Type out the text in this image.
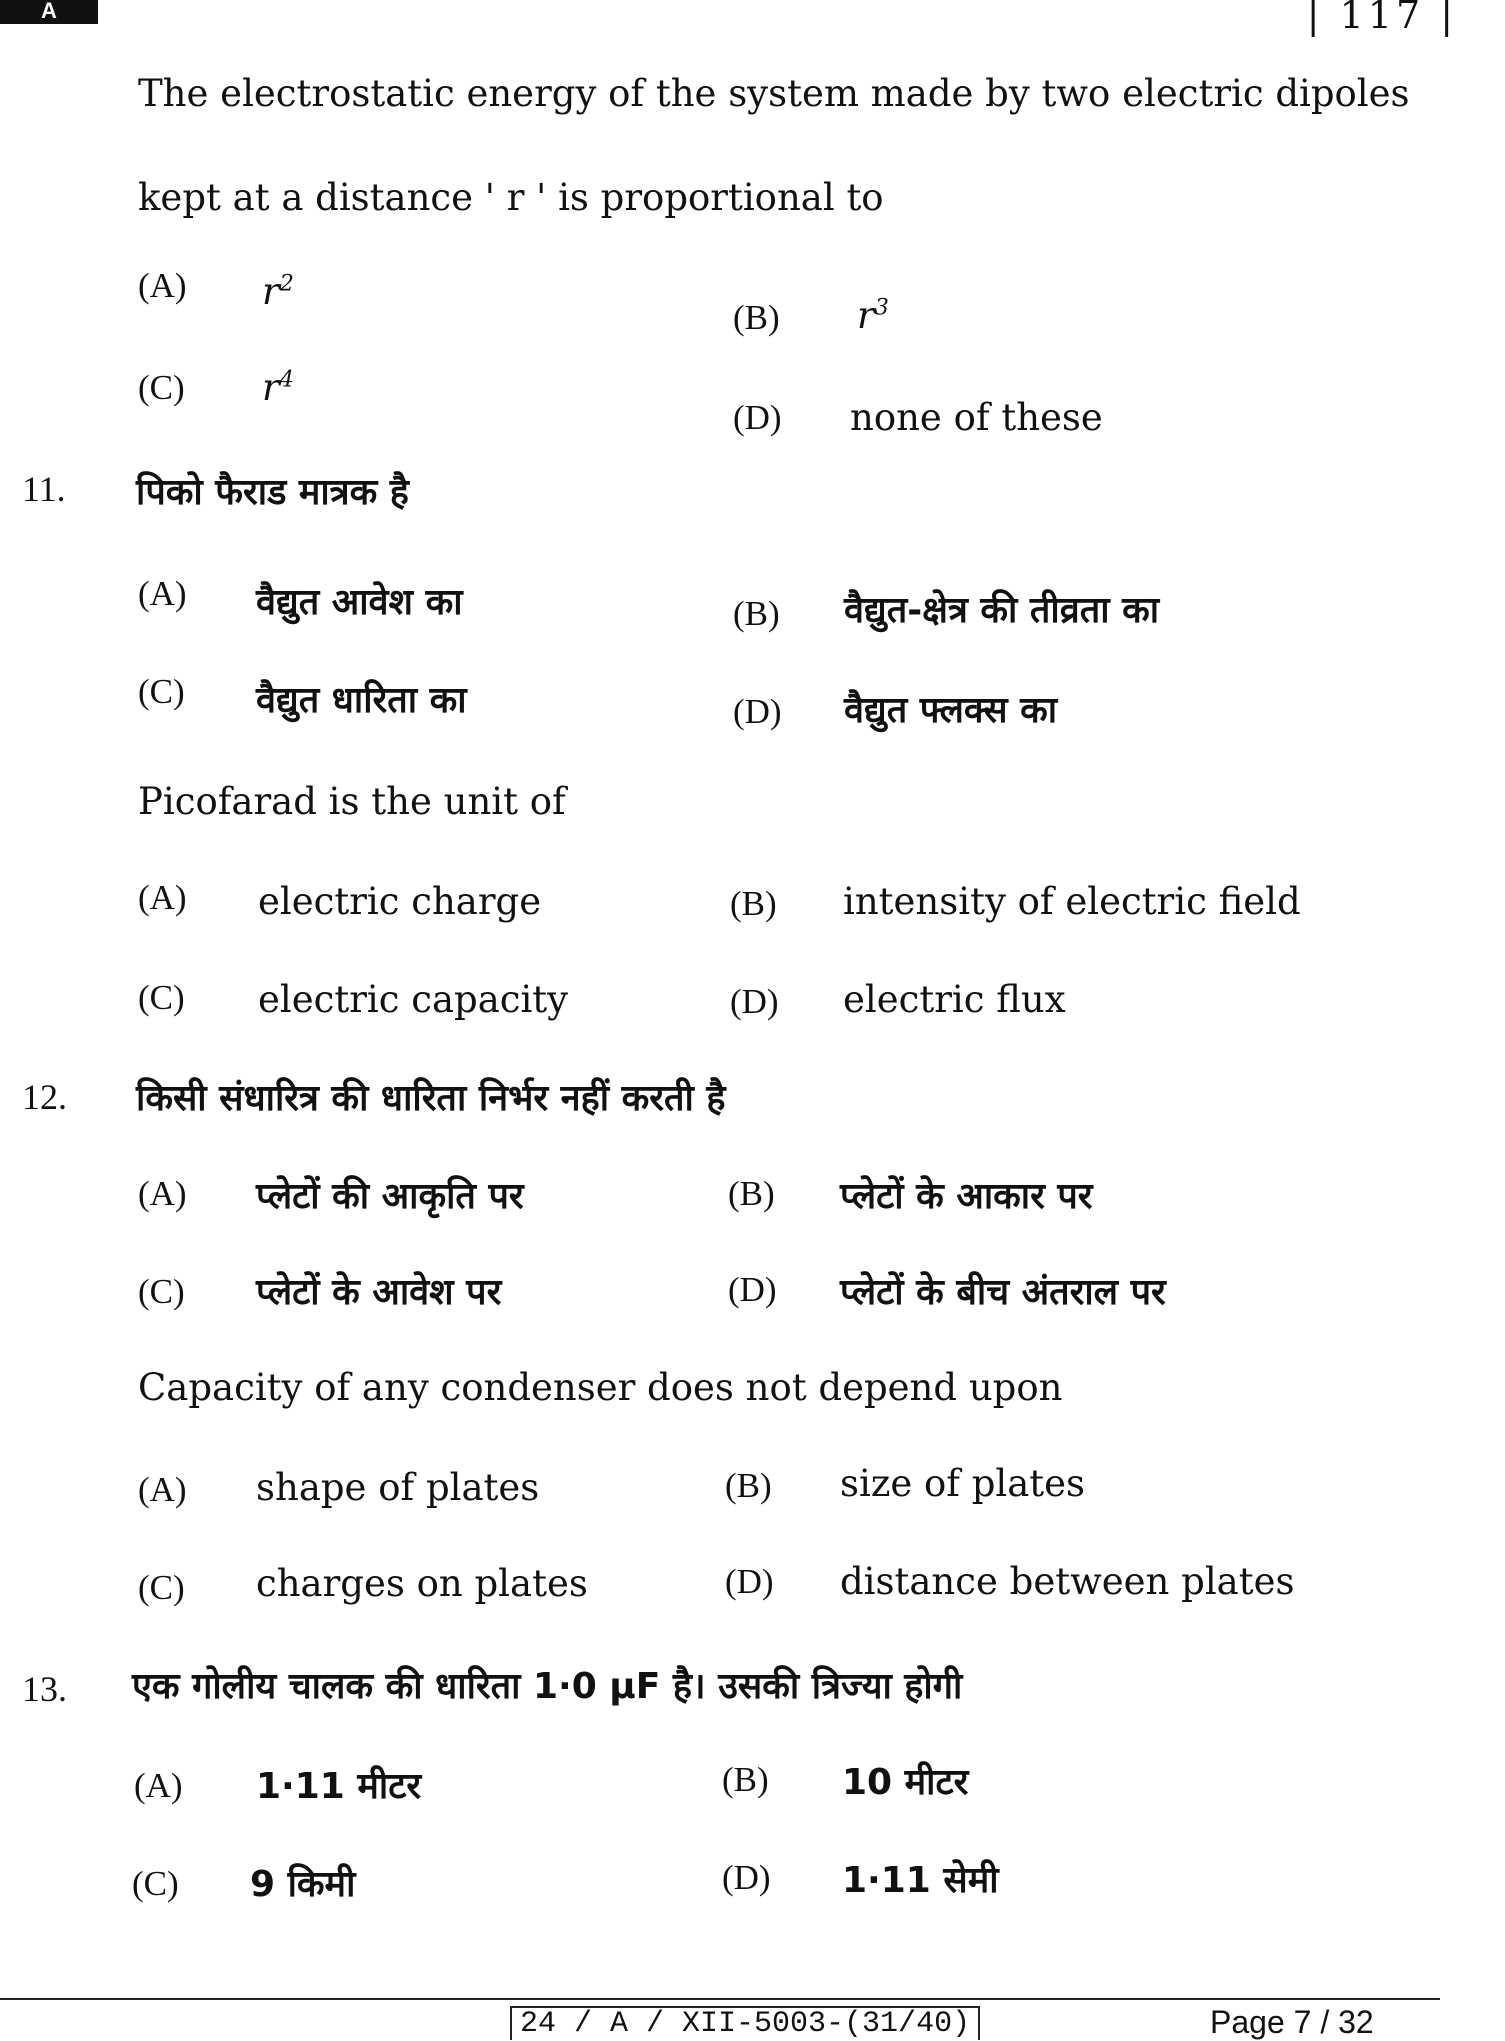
A	| 117 |
The electrostatic energy of the system made by two electric dipoles
kept at a distance ' r ' is proportional to
(A) $r^2$
(B) $r^3$
(C) $r^4$
(D) none of these
11. पिको फैराड मात्रक है
(A) वैद्युत आवेश का	(B) वैद्युत-क्षेत्र की तीव्रता का
(C) वैद्युत धारिता का	(D) वैद्युत फ्लक्स का
Picofarad is the unit of
(A) electric charge	(B) intensity of electric field
(C) electric capacity	(D) electric flux
12. किसी संधारित्र की धारिता निर्भर नहीं करती है
(A) प्लेटों की आकृति पर	(B) प्लेटों के आकार पर
(C) प्लेटों के आवेश पर	(D) प्लेटों के बीच अंतराल पर
Capacity of any condenser does not depend upon
(A) shape of plates	(B) size of plates
(C) charges on plates	(D) distance between plates
13. एक गोलीय चालक की धारिता 1·0 μF है। उसकी त्रिज्या होगी
(A) 1·11 मीटर	(B) 10 मीटर
(C) 9 किमी	(D) 1·11 सेमी
24 / A / XII-5003-(31/40)	Page 7 / 32
